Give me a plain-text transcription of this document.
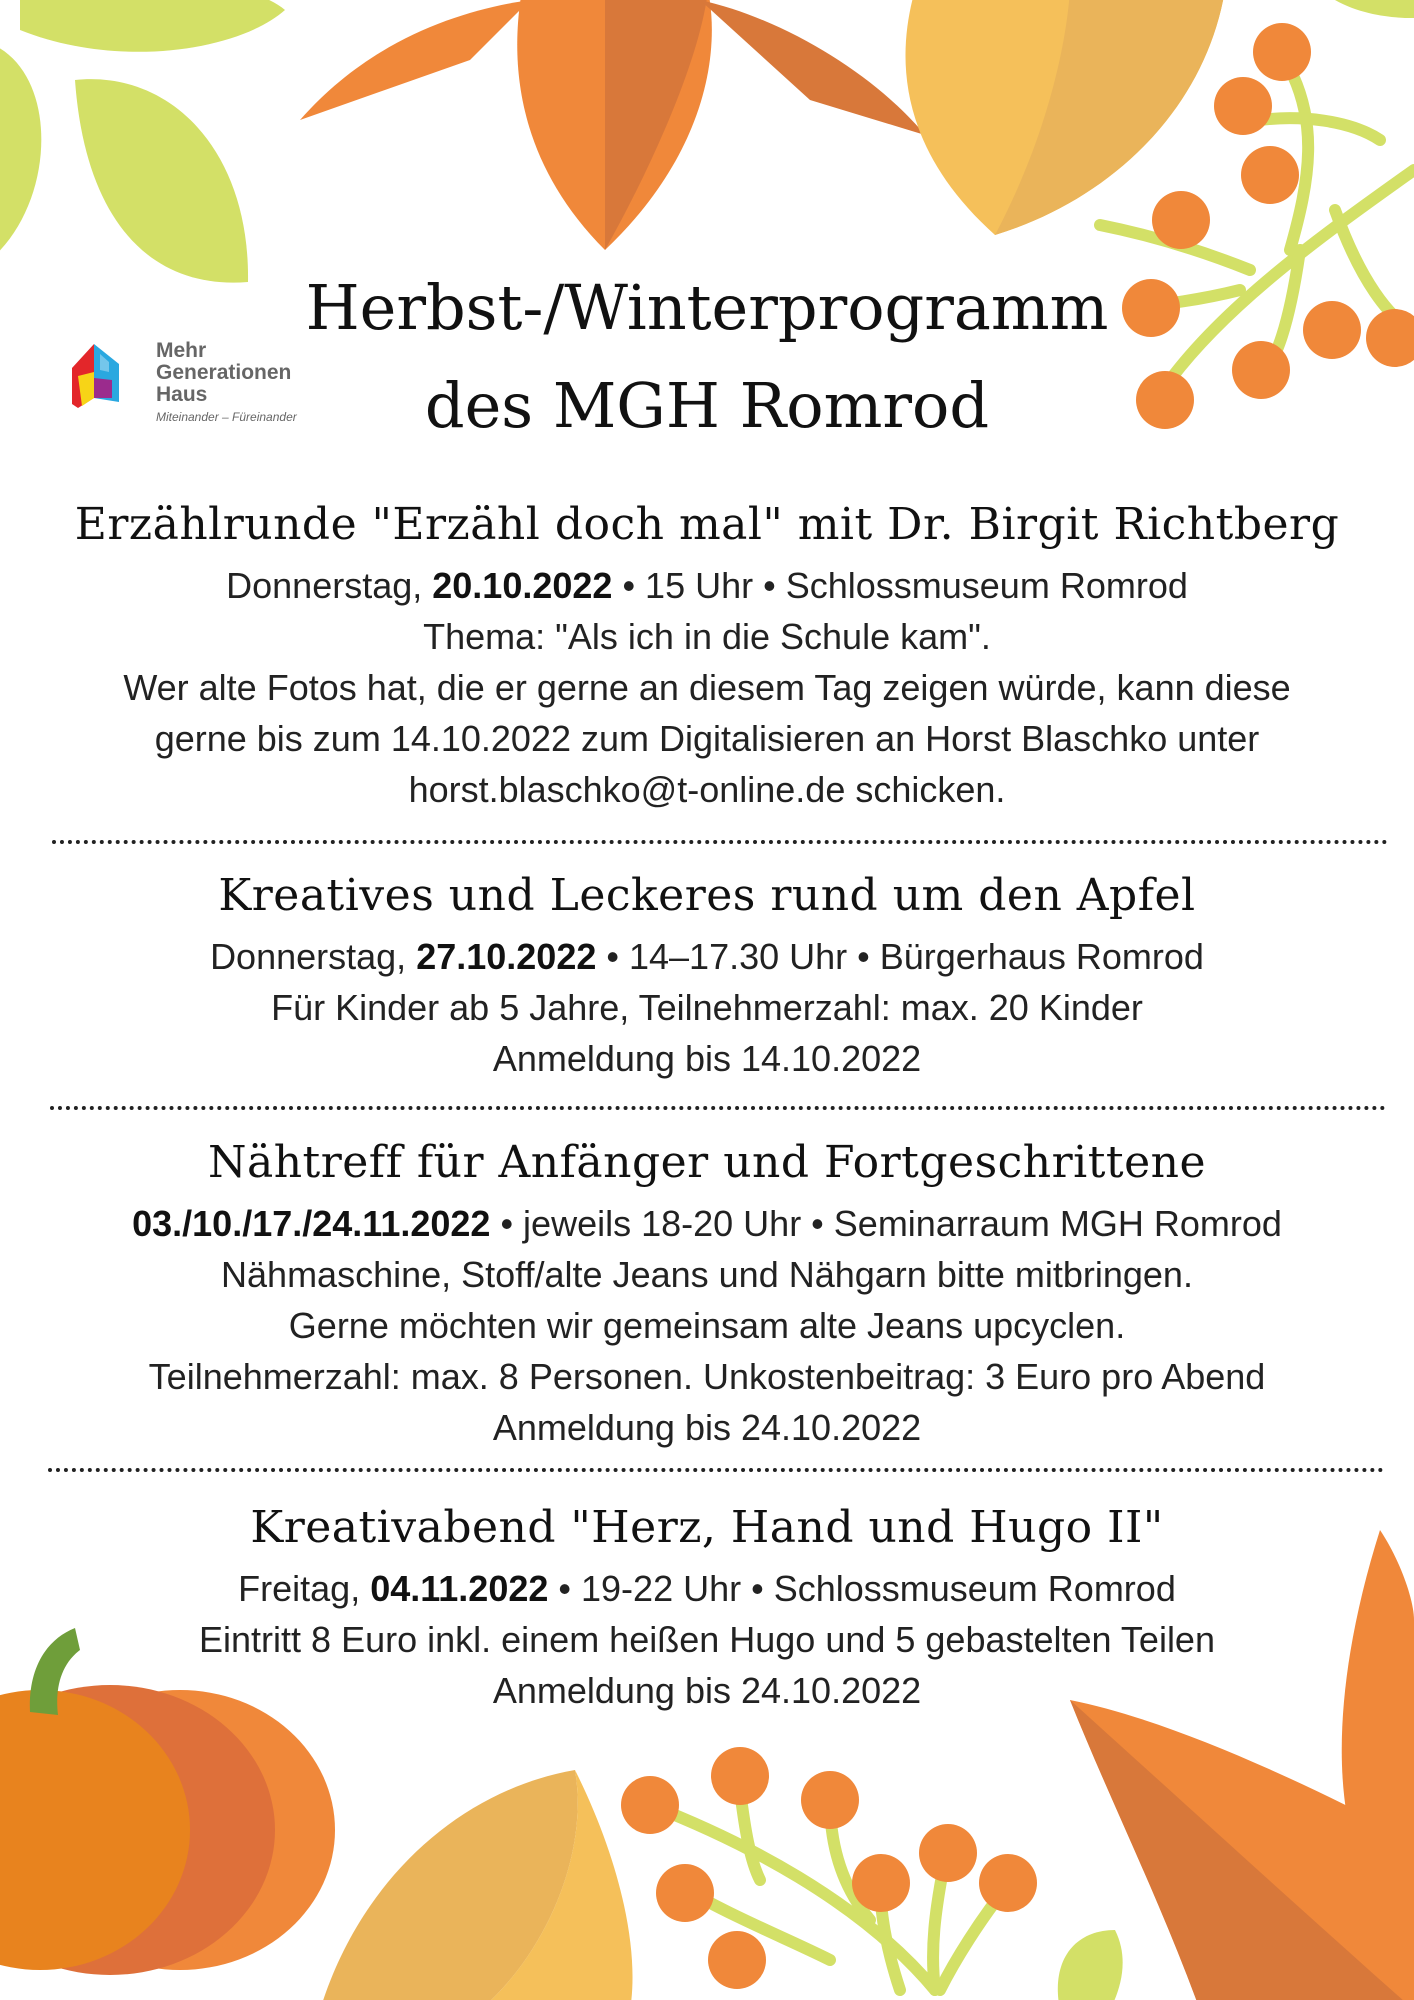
Mehr
Generationen
Haus
Miteinander – Füreinander
Herbst-/Winterprogramm
des MGH Romrod
Erzählrunde "Erzähl doch mal" mit Dr. Birgit Richtberg
Donnerstag, 20.10.2022 • 15 Uhr • Schlossmuseum Romrod
Thema: "Als ich in die Schule kam".
Wer alte Fotos hat, die er gerne an diesem Tag zeigen würde, kann diese
gerne bis zum 14.10.2022 zum Digitalisieren an Horst Blaschko unter
horst.blaschko@t-online.de schicken.
Kreatives und Leckeres rund um den Apfel
Donnerstag, 27.10.2022 • 14–17.30 Uhr • Bürgerhaus Romrod
Für Kinder ab 5 Jahre, Teilnehmerzahl: max. 20 Kinder
Anmeldung bis 14.10.2022
Nähtreff für Anfänger und Fortgeschrittene
03./10./17./24.11.2022 • jeweils 18-20 Uhr • Seminarraum MGH Romrod
Nähmaschine, Stoff/alte Jeans und Nähgarn bitte mitbringen.
Gerne möchten wir gemeinsam alte Jeans upcyclen.
Teilnehmerzahl: max. 8 Personen. Unkostenbeitrag: 3 Euro pro Abend
Anmeldung bis 24.10.2022
Kreativabend "Herz, Hand und Hugo II"
Freitag, 04.11.2022 • 19-22 Uhr • Schlossmuseum Romrod
Eintritt 8 Euro inkl. einem heißen Hugo und 5 gebastelten Teilen
Anmeldung bis 24.10.2022
